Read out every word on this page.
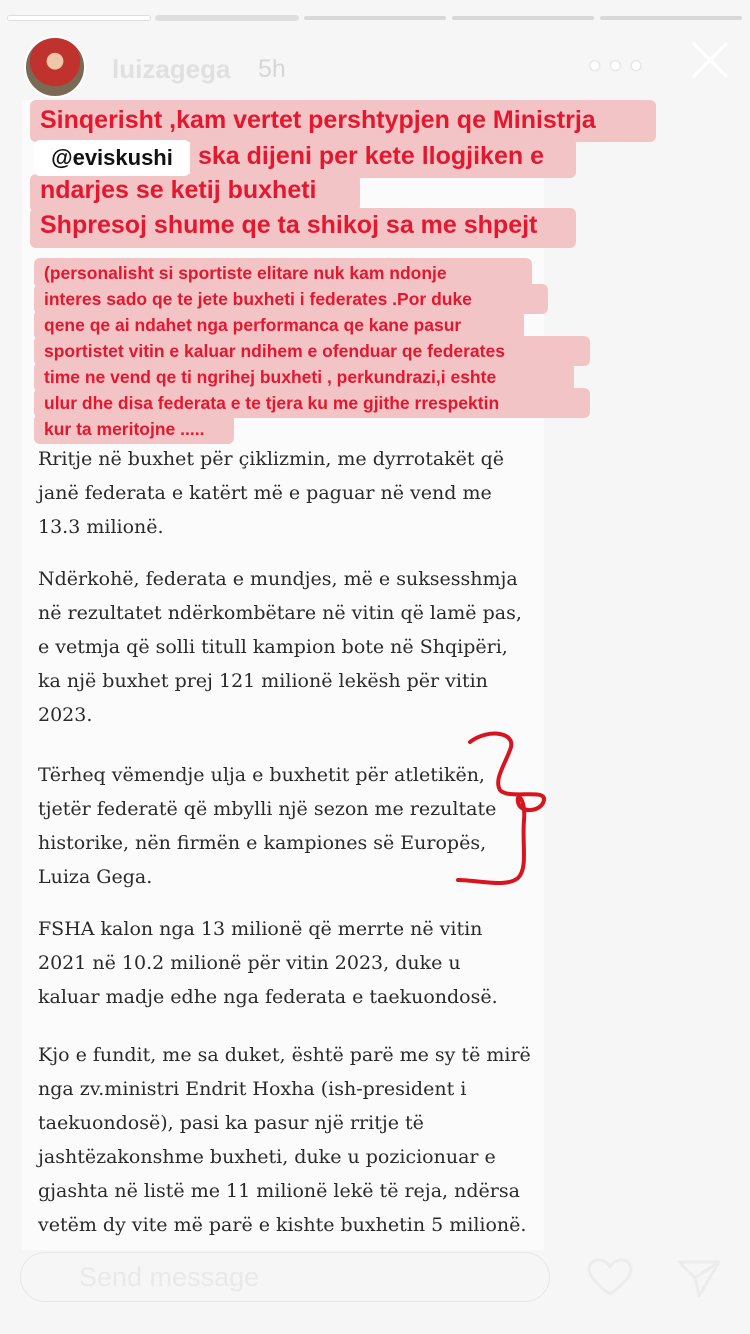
luizagega 5h	•••
Sinqerisht ,kam vertet pershtypjen qe Ministrja
@eviskushi	ska dijeni per kete llogjiken e
ndarjes se ketij buxheti
Shpresoj shume qe ta shikoj sa me shpejt
(personalisht si sportiste elitare nuk kam ndonje
interes sado qe te jete buxheti i federates .Por duke
qene qe ai ndahet nga performanca qe kane pasur
sportistet vitin e kaluar ndihem e ofenduar qe federates
time ne vend qe ti ngrihej buxheti , perkundrazi,i eshte
ulur dhe disa federata e te tjera ku me gjithe rrespektin
kur ta meritojne .....
Rritje në buxhet për çiklizmin, me dyrrotakët që
janë federata e katërt më e paguar në vend me
13.3 milionë.
Ndërkohë, federata e mundjes, më e suksesshmja
në rezultatet ndërkombëtare në vitin që lamë pas,
e vetmja që solli titull kampion bote në Shqipëri,
ka një buxhet prej 121 milionë lekësh për vitin
2023.
Tërheq vëmendje ulja e buxhetit për atletikën,
tjetër federatë që mbylli një sezon me rezultate
historike, nën firmën e kampiones së Europës,
Luiza Gega.
FSHA kalon nga 13 milionë që merrte në vitin
2021 në 10.2 milionë për vitin 2023, duke u
kaluar madje edhe nga federata e taekuondosë.
Kjo e fundit, me sa duket, është parë me sy të mirë
nga zv.ministri Endrit Hoxha (ish-president i
taekuondosë), pasi ka pasur një rritje të
jashtëzakonshme buxheti, duke u pozicionuar e
gjashta në listë me 11 milionë lekë të reja, ndërsa
vetëm dy vite më parë e kishte buxhetin 5 milionë.
Send message
